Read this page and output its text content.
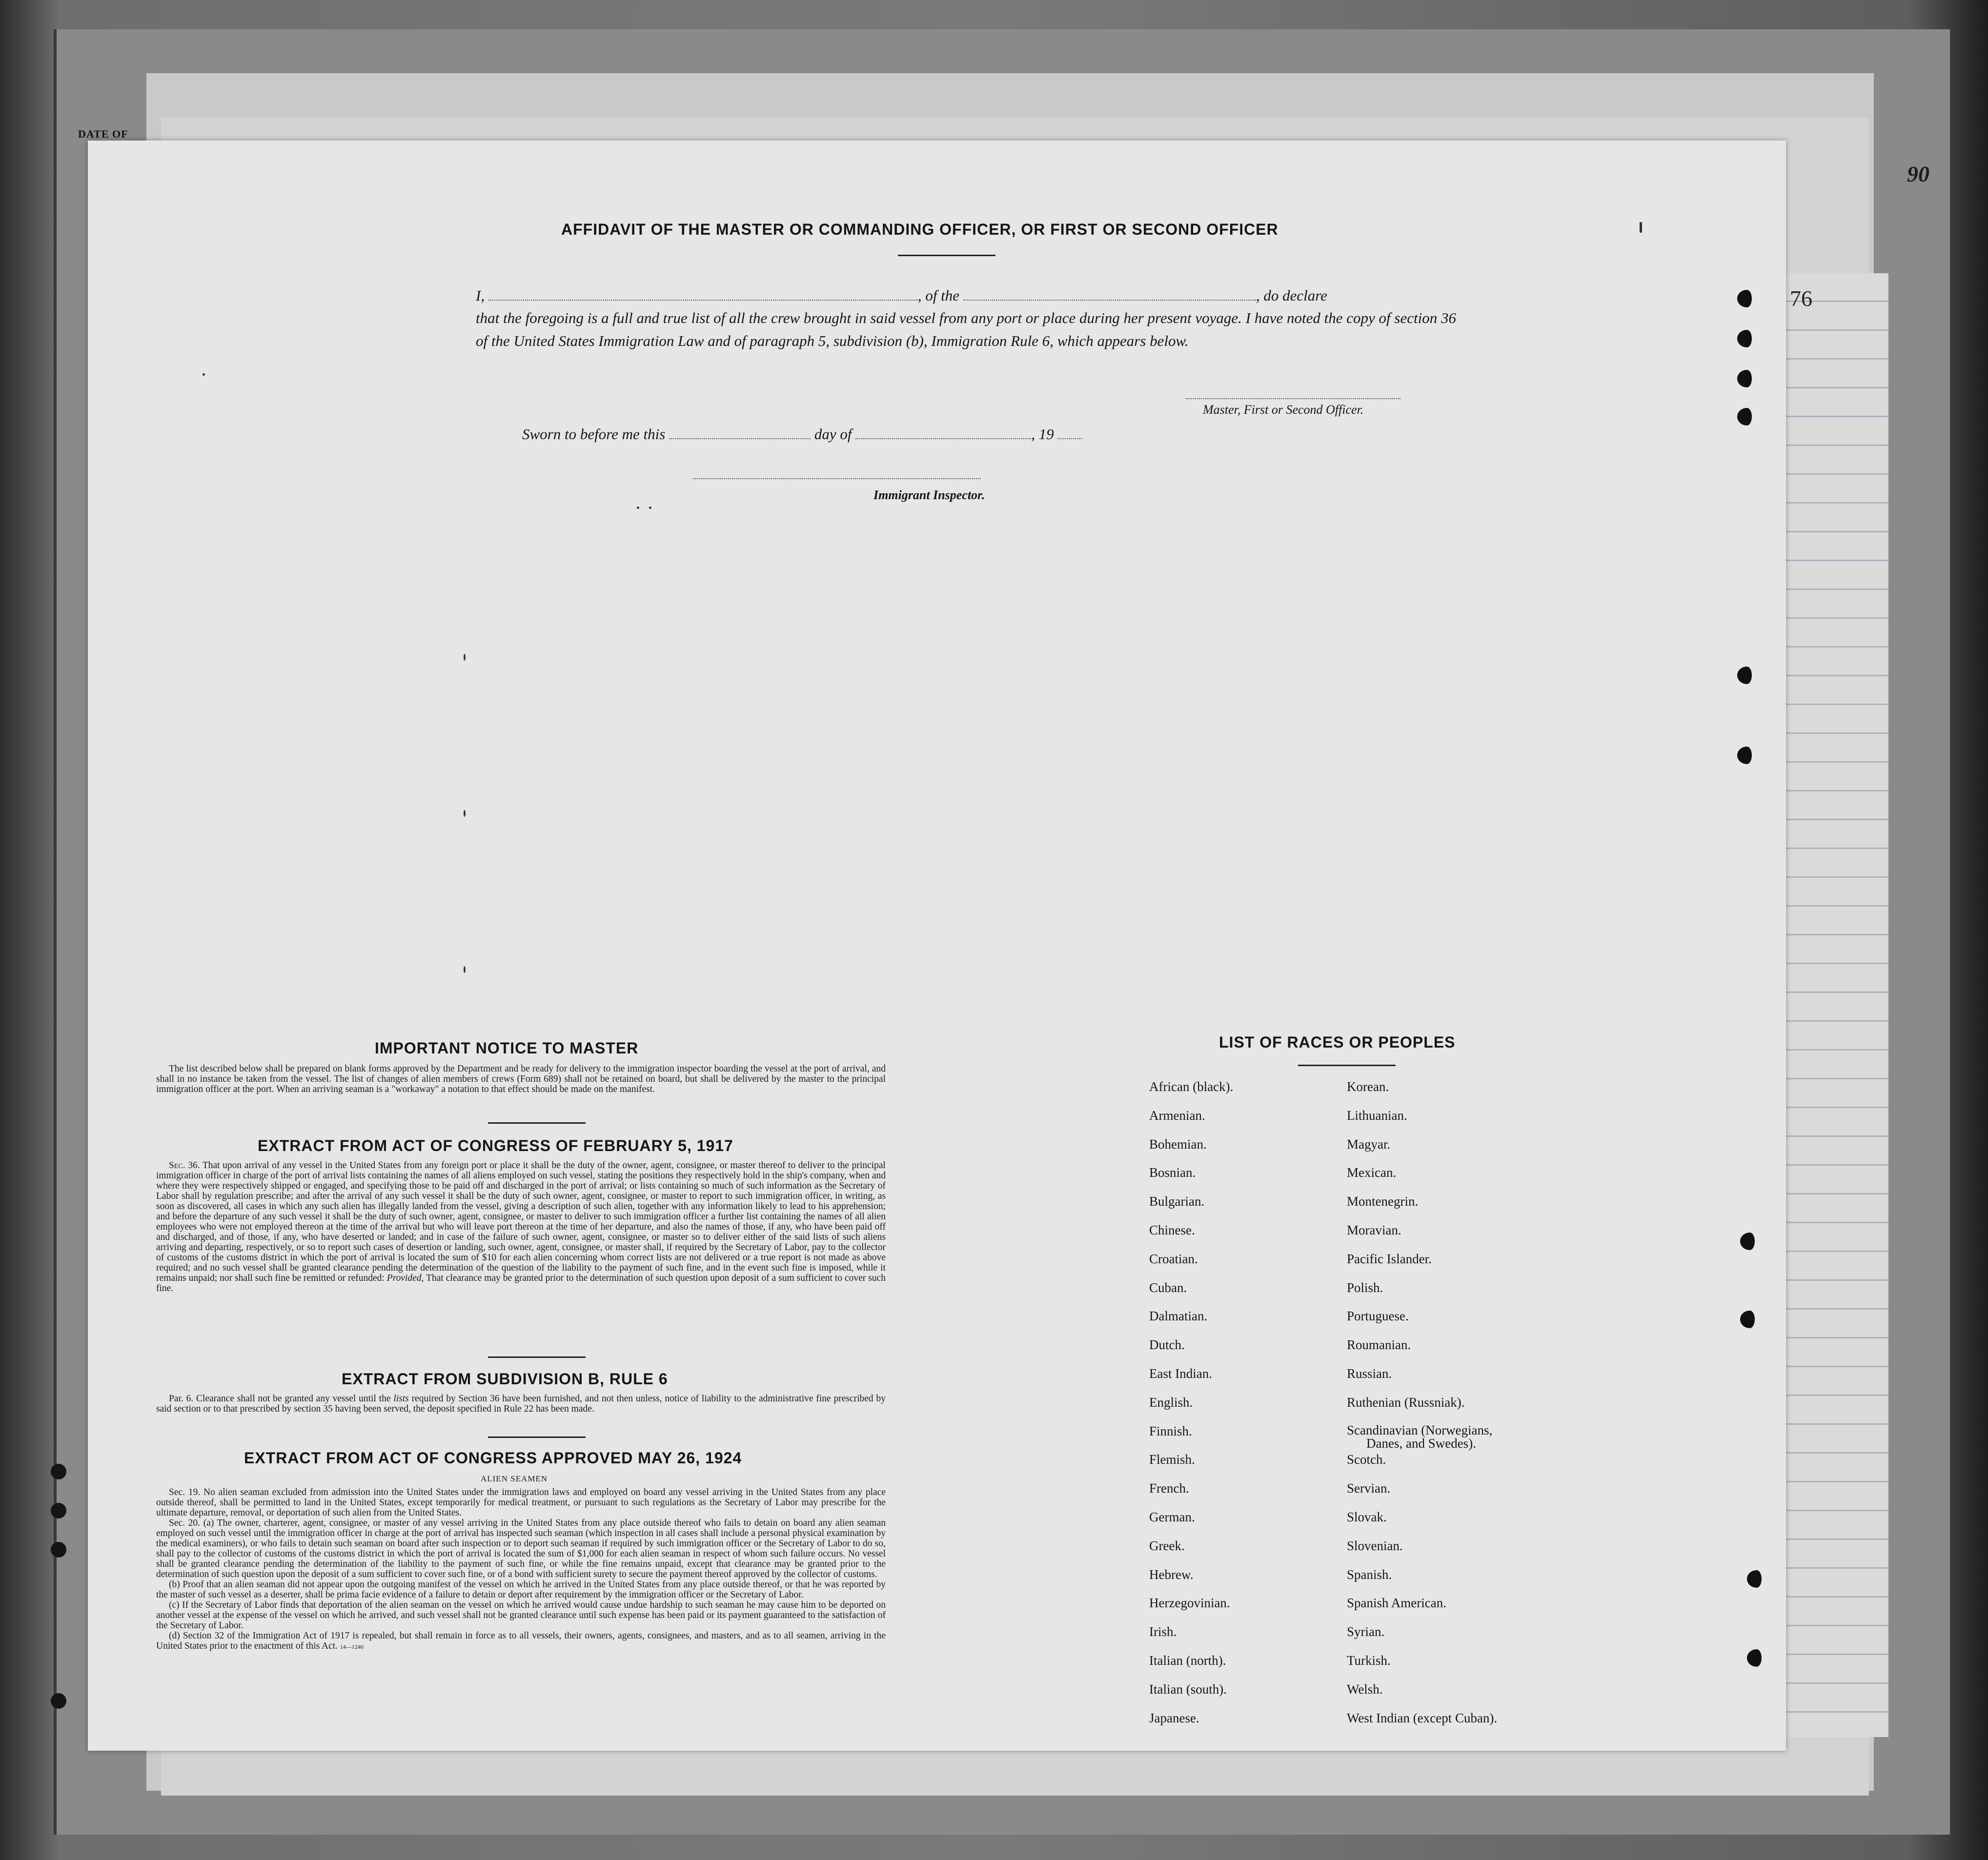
DATE OF
90
76
AFFIDAVIT OF THE MASTER OR COMMANDING OFFICER, OR FIRST OR SECOND OFFICER
I,	, of the	, do declare
that the foregoing is a full and true list of all the crew brought in said vessel from any port or place during her present voyage. I have noted the copy of section 36 of the United States Immigration Law and of paragraph 5, subdivision (b), Immigration Rule 6, which appears below.
Master, First or Second Officer.
Sworn to before me this	day of	, 19
Immigrant Inspector.
IMPORTANT NOTICE TO MASTER

The list described below shall be prepared on blank forms approved by the Department and be ready for delivery to the immigration inspector boarding the vessel at the port of arrival, and shall in no instance be taken from the vessel. The list of changes of alien members of crews (Form 689) shall not be retained on board, but shall be delivered by the master to the principal immigration officer at the port. When an arriving seaman is a "workaway" a notation to that effect should be made on the manifest.

EXTRACT FROM ACT OF CONGRESS OF FEBRUARY 5, 1917

Sec. 36. That upon arrival of any vessel in the United States from any foreign port or place it shall be the duty of the owner, agent, consignee, or master thereof to deliver to the principal immigration officer in charge of the port of arrival lists containing the names of all aliens employed on such vessel, stating the positions they respectively hold in the ship's company, when and where they were respectively shipped or engaged, and specifying those to be paid off and discharged in the port of arrival; or lists containing so much of such information as the Secretary of Labor shall by regulation prescribe; and after the arrival of any such vessel it shall be the duty of such owner, agent, consignee, or master to report to such immigration officer, in writing, as soon as discovered, all cases in which any such alien has illegally landed from the vessel, giving a description of such alien, together with any information likely to lead to his apprehension; and before the departure of any such vessel it shall be the duty of such owner, agent, consignee, or master to deliver to such immigration officer a further list containing the names of all alien employees who were not employed thereon at the time of the arrival but who will leave port thereon at the time of her departure, and also the names of those, if any, who have been paid off and discharged, and of those, if any, who have deserted or landed; and in case of the failure of such owner, agent, consignee, or master so to deliver either of the said lists of such aliens arriving and departing, respectively, or so to report such cases of desertion or landing, such owner, agent, consignee, or master shall, if required by the Secretary of Labor, pay to the collector of customs of the customs district in which the port of arrival is located the sum of $10 for each alien concerning whom correct lists are not delivered or a true report is not made as above required; and no such vessel shall be granted clearance pending the determination of the question of the liability to the payment of such fine, and in the event such fine is imposed, while it remains unpaid; nor shall such fine be remitted or refunded: Provided, That clearance may be granted prior to the determination of such question upon deposit of a sum sufficient to cover such fine.

EXTRACT FROM SUBDIVISION B, RULE 6

Par. 6. Clearance shall not be granted any vessel until the lists required by Section 36 have been furnished, and not then unless, notice of liability to the administrative fine prescribed by said section or to that prescribed by section 35 having been served, the deposit specified in Rule 22 has been made.

EXTRACT FROM ACT OF CONGRESS APPROVED MAY 26, 1924
ALIEN SEAMEN

Sec. 19. No alien seaman excluded from admission into the United States under the immigration laws and employed on board any vessel arriving in the United States from any place outside thereof, shall be permitted to land in the United States, except temporarily for medical treatment, or pursuant to such regulations as the Secretary of Labor may prescribe for the ultimate departure, removal, or deportation of such alien from the United States.

Sec. 20. (a) The owner, charterer, agent, consignee, or master of any vessel arriving in the United States from any place outside thereof who fails to detain on board any alien seaman employed on such vessel until the immigration officer in charge at the port of arrival has inspected such seaman (which inspection in all cases shall include a personal physical examination by the medical examiners), or who fails to detain such seaman on board after such inspection or to deport such seaman if required by such immigration officer or the Secretary of Labor to do so, shall pay to the collector of customs of the customs district in which the port of arrival is located the sum of $1,000 for each alien seaman in respect of whom such failure occurs. No vessel shall be granted clearance pending the determination of the liability to the payment of such fine, or while the fine remains unpaid, except that clearance may be granted prior to the determination of such question upon the deposit of a sum sufficient to cover such fine, or of a bond with sufficient surety to secure the payment thereof approved by the collector of customs.

(b) Proof that an alien seaman did not appear upon the outgoing manifest of the vessel on which he arrived in the United States from any place outside thereof, or that he was reported by the master of such vessel as a deserter, shall be prima facie evidence of a failure to detain or deport after requirement by the immigration officer or the Secretary of Labor.

(c) If the Secretary of Labor finds that deportation of the alien seaman on the vessel on which he arrived would cause undue hardship to such seaman he may cause him to be deported on another vessel at the expense of the vessel on which he arrived, and such vessel shall not be granted clearance until such expense has been paid or its payment guaranteed to the satisfaction of the Secretary of Labor.

(d) Section 32 of the Immigration Act of 1917 is repealed, but shall remain in force as to all vessels, their owners, agents, consignees, and masters, and as to all seamen, arriving in the United States prior to the enactment of this Act. 14—1240

LIST OF RACES OR PEOPLES
African (black).
Armenian.
Bohemian.
Bosnian.
Bulgarian.
Chinese.
Croatian.
Cuban.
Dalmatian.
Dutch.
East Indian.
English.
Finnish.
Flemish.
French.
German.
Greek.
Hebrew.
Herzegovinian.
Irish.
Italian (north).
Italian (south).
Japanese.
Korean.
Lithuanian.
Magyar.
Mexican.
Montenegrin.
Moravian.
Pacific Islander.
Polish.
Portuguese.
Roumanian.
Russian.
Ruthenian (Russniak).
Scandinavian (Norwegians,
Danes, and Swedes).
Scotch.
Servian.
Slovak.
Slovenian.
Spanish.
Spanish American.
Syrian.
Turkish.
Welsh.
West Indian (except Cuban).
